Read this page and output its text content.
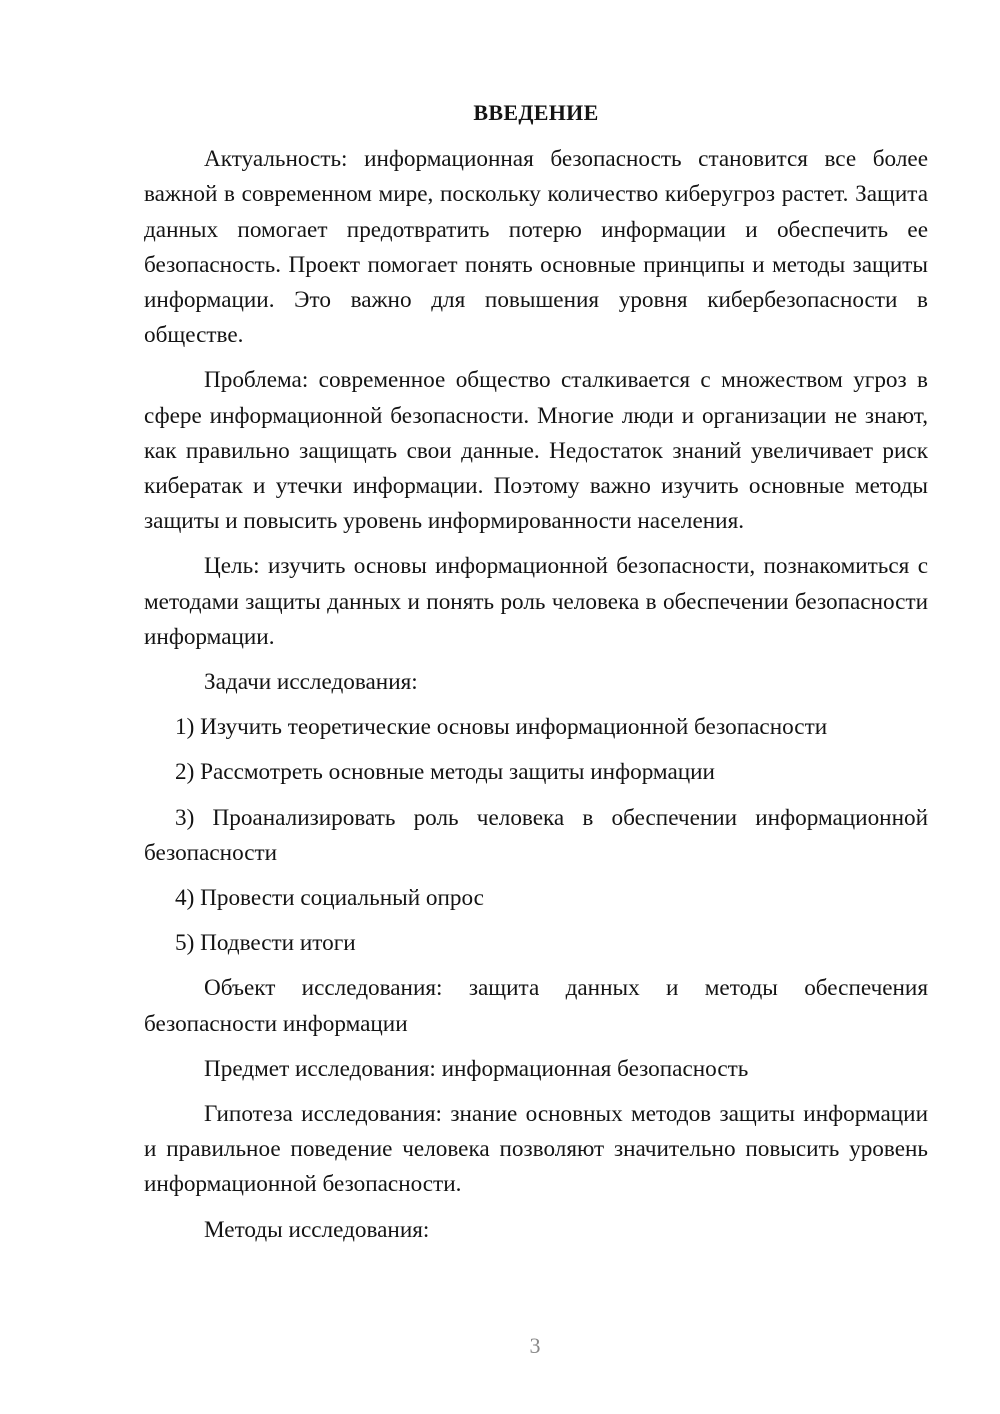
ВВЕДЕНИЕ

Актуальность: информационная безопасность становится все более важной в современном мире, поскольку количество киберугроз растет. Защита данных помогает предотвратить потерю информации и обеспечить ее безопасность. Проект помогает понять основные принципы и методы защиты информации. Это важно для повышения уровня кибербезопасности в обществе.

Проблема: современное общество сталкивается с множеством угроз в сфере информационной безопасности. Многие люди и организации не знают, как правильно защищать свои данные. Недостаток знаний увеличивает риск кибератак и утечки информации. Поэтому важно изучить основные методы защиты и повысить уровень информированности населения.

Цель: изучить основы информационной безопасности, познакомиться с методами защиты данных и понять роль человека в обеспечении безопасности информации.

Задачи исследования:

1) Изучить теоретические основы информационной безопасности

2) Рассмотреть основные методы защиты информации

3) Проанализировать роль человека в обеспечении информационной безопасности

4) Провести социальный опрос

5) Подвести итоги

Объект исследования: защита данных и методы обеспечения безопасности информации

Предмет исследования: информационная безопасность

Гипотеза исследования: знание основных методов защиты информации и правильное поведение человека позволяют значительно повысить уровень информационной безопасности.

Методы исследования:

3
